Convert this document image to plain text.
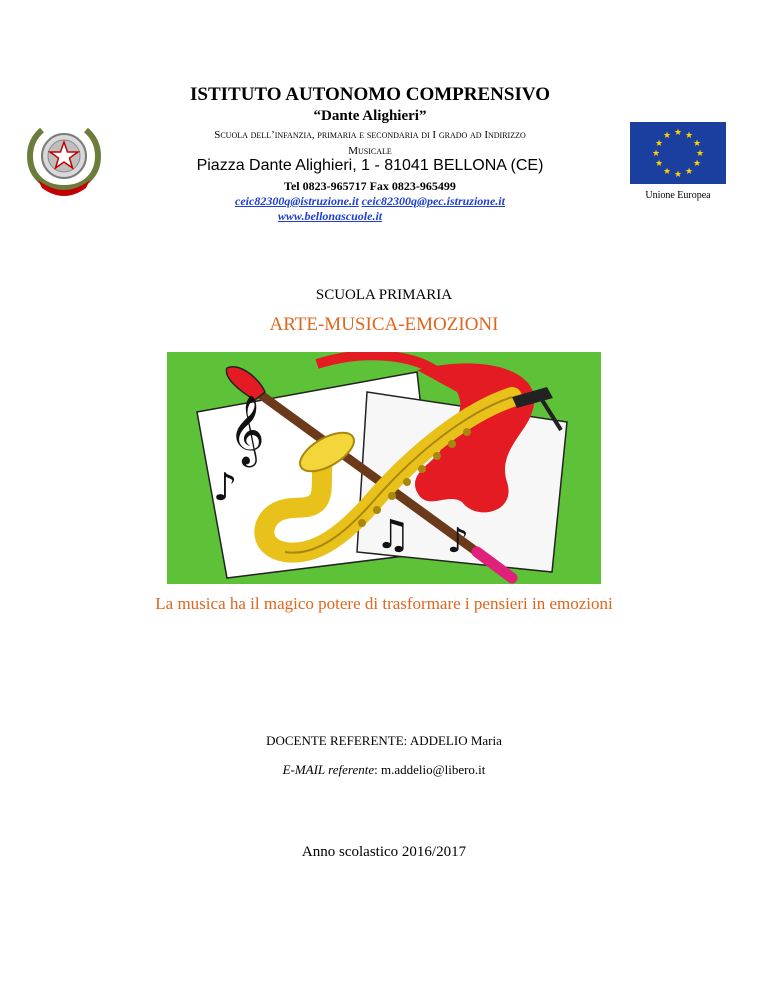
ISTITUTO AUTONOMO COMPRENSIVO
“Dante Alighieri”
Scuola dell’infanzia, primaria e secondaria di I grado ad Indirizzo
Musicale
Piazza Dante Alighieri, 1 - 81041 BELLONA (CE)
Tel 0823-965717 Fax 0823-965499
ceic82300q@istruzione.it ceic82300q@pec.istruzione.it
www.bellonascuole.it
★ ★
★
★
★
★
★
★
★
★
★
★
Unione Europea
SCUOLA PRIMARIA
ARTE-MUSICA-EMOZIONI
𝄞
♪
♫ ♪
La musica ha il magico potere di trasformare i pensieri in emozioni
DOCENTE REFERENTE: ADDELIO Maria
E-MAIL referente: m.addelio@libero.it
Anno scolastico 2016/2017
